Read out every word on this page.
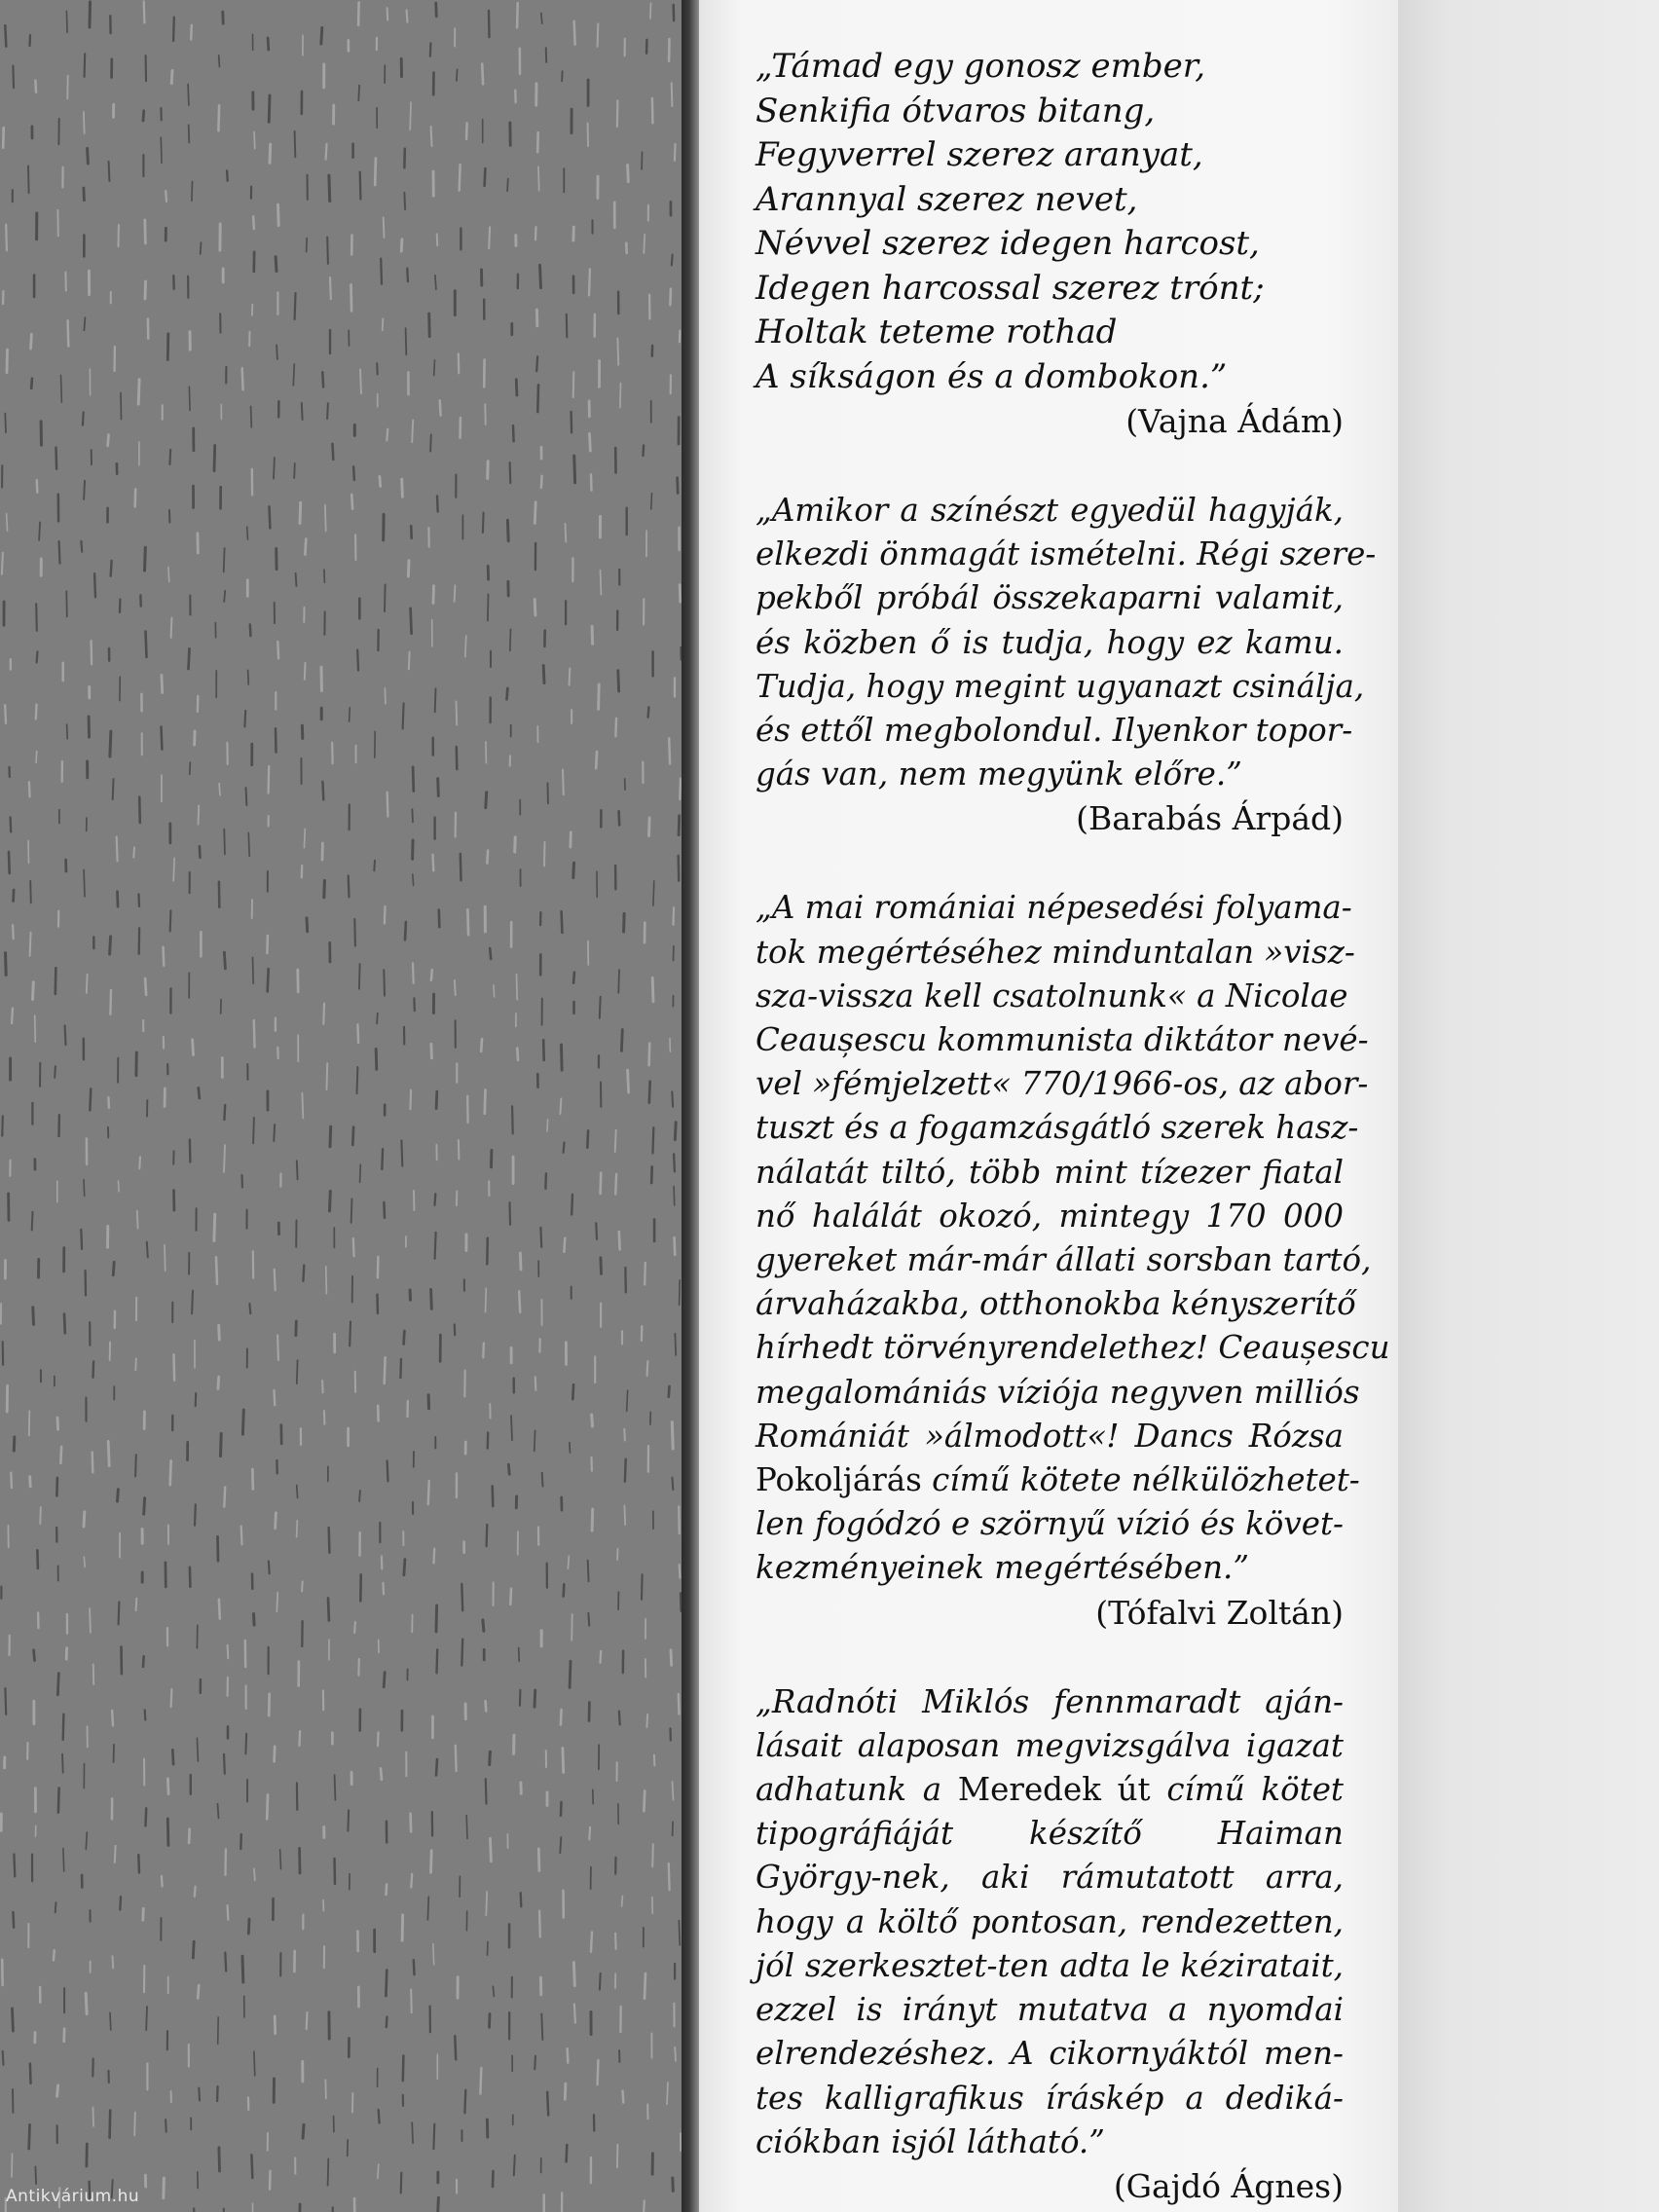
„Támad egy gonosz ember,
Senkifia ótvaros bitang,
Fegyverrel szerez aranyat,
Arannyal szerez nevet,
Névvel szerez idegen harcost,
Idegen harcossal szerez trónt;
Holtak teteme rothad
A síkságon és a dombokon.”
(Vajna Ádám)
„Amikor a színészt egyedül hagyják,
elkezdi önmagát ismételni. Régi szere-
pekből próbál összekaparni valamit,
és közben ő is tudja, hogy ez kamu.
Tudja, hogy megint ugyanazt csinálja,
és ettől megbolondul. Ilyenkor topor-
gás van, nem megyünk előre.”
(Barabás Árpád)
„A mai romániai népesedési folyama-
tok megértéséhez minduntalan »visz-
sza-vissza kell csatolnunk« a Nicolae
Ceaușescu kommunista diktátor nevé-
vel »fémjelzett« 770/1966-os, az abor-
tuszt és a fogamzásgátló szerek hasz-
nálatát tiltó, több mint tízezer fiatal
nő halálát okozó, mintegy 170 000
gyereket már-már állati sorsban tartó,
árvaházakba, otthonokba kényszerítő
hírhedt törvényrendelethez! Ceaușescu
megalomániás víziója negyven milliós
Romániát »álmodott«! Dancs Rózsa
Pokoljárás című kötete nélkülözhetet-
len fogódzó e szörnyű vízió és követ-
kezményeinek megértésében.”
(Tófalvi Zoltán)
„Radnóti Miklós fennmaradt aján-
lásait alaposan megvizsgálva igazat
adhatunk a Meredek út című kötet
tipográfiáját készítő Haiman
György-nek, aki rámutatott arra,
hogy a költő pontosan, rendezetten,
jól szerkesztet-ten adta le kéziratait,
ezzel is irányt mutatva a nyomdai
elrendezéshez. A cikornyáktól men-
tes kalligrafikus íráskép a dediká-
ciókban isjól látható.”
(Gajdó Ágnes)
Antikvárium.hu
